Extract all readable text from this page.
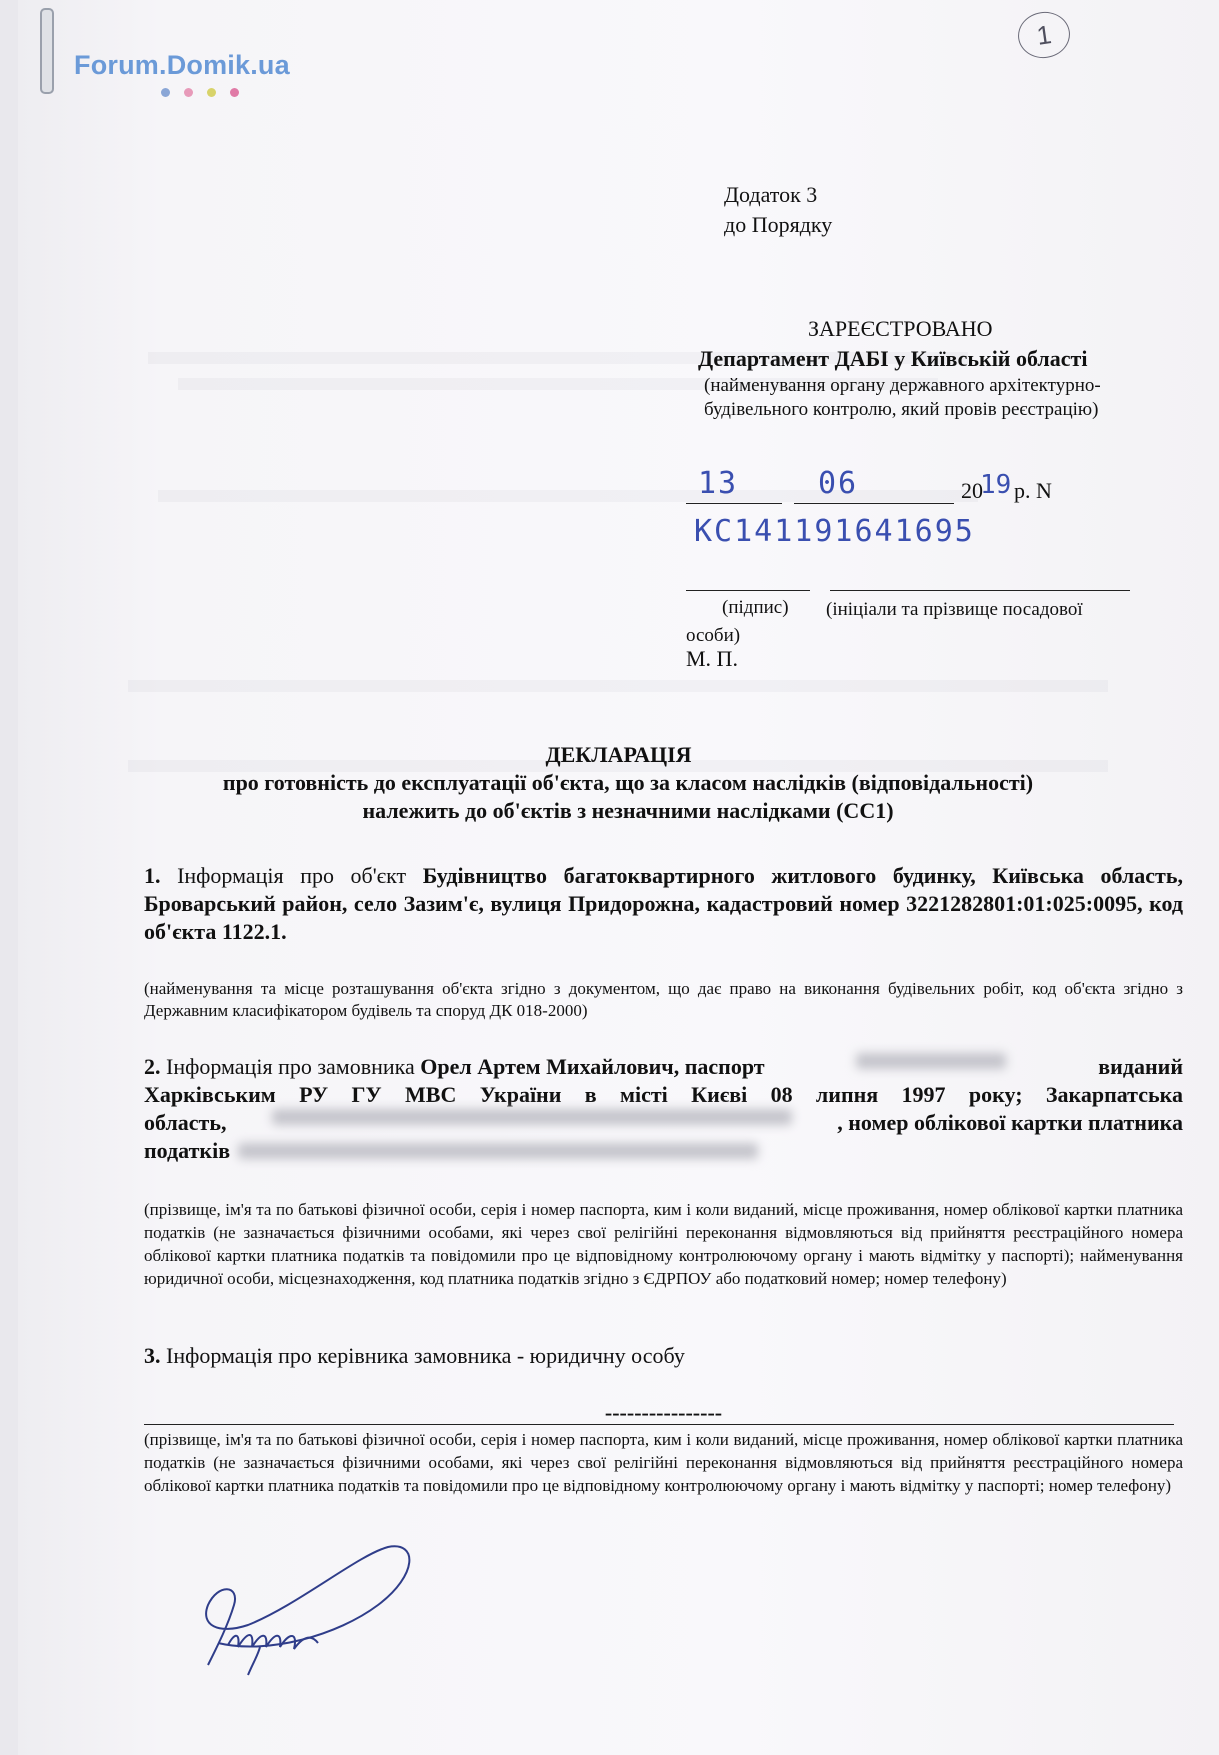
Forum.Domik.ua
1
Додаток 3
до Порядку
ЗАРЕЄСТРОВАНО
Департамент ДАБІ у Київській області
(найменування органу державного архітектурно-будівельного контролю, який провів реєстрацію)
13	06	20
19 р. N
КС141191641695
(підпис)	(ініціали та прізвище посадової особи)
М. П.
ДЕКЛАРАЦІЯ
про готовність до експлуатації об'єкта, що за класом наслідків (відповідальності)
належить до об'єктів з незначними наслідками (СС1)
1. Інформація про об'єкт Будівництво багатоквартирного житлового будинку, Київська область, Броварський район, село Зазим'є, вулиця Придорожна, кадастровий номер 3221282801:01:025:0095, код об'єкта 1122.1.
(найменування та місце розташування об'єкта згідно з документом, що дає право на виконання будівельних робіт, код об'єкта згідно з Державним класифікатором будівель та споруд ДК 018-2000)
2. Інформація про замовника Орел Артем Михайлович, паспорт	виданий
Харківським РУ ГУ МВС України в місті Києві 08 липня 1997 року; Закарпатська
область,	, номер облікової картки платника
податків
(прізвище, ім'я та по батькові фізичної особи, серія і номер паспорта, ким і коли виданий, місце проживання, номер облікової картки платника податків (не зазначається фізичними особами, які через свої релігійні переконання відмовляються від прийняття реєстраційного номера облікової картки платника податків та повідомили про це відповідному контролюючому органу і мають відмітку у паспорті); найменування юридичної особи, місцезнаходження, код платника податків згідно з ЄДРПОУ або податковий номер; номер телефону)
3. Інформація про керівника замовника - юридичну особу
----------------
(прізвище, ім'я та по батькові фізичної особи, серія і номер паспорта, ким і коли виданий, місце проживання, номер облікової картки платника податків (не зазначається фізичними особами, які через свої релігійні переконання відмовляються від прийняття реєстраційного номера облікової картки платника податків та повідомили про це відповідному контролюючому органу і мають відмітку у паспорті; номер телефону)
